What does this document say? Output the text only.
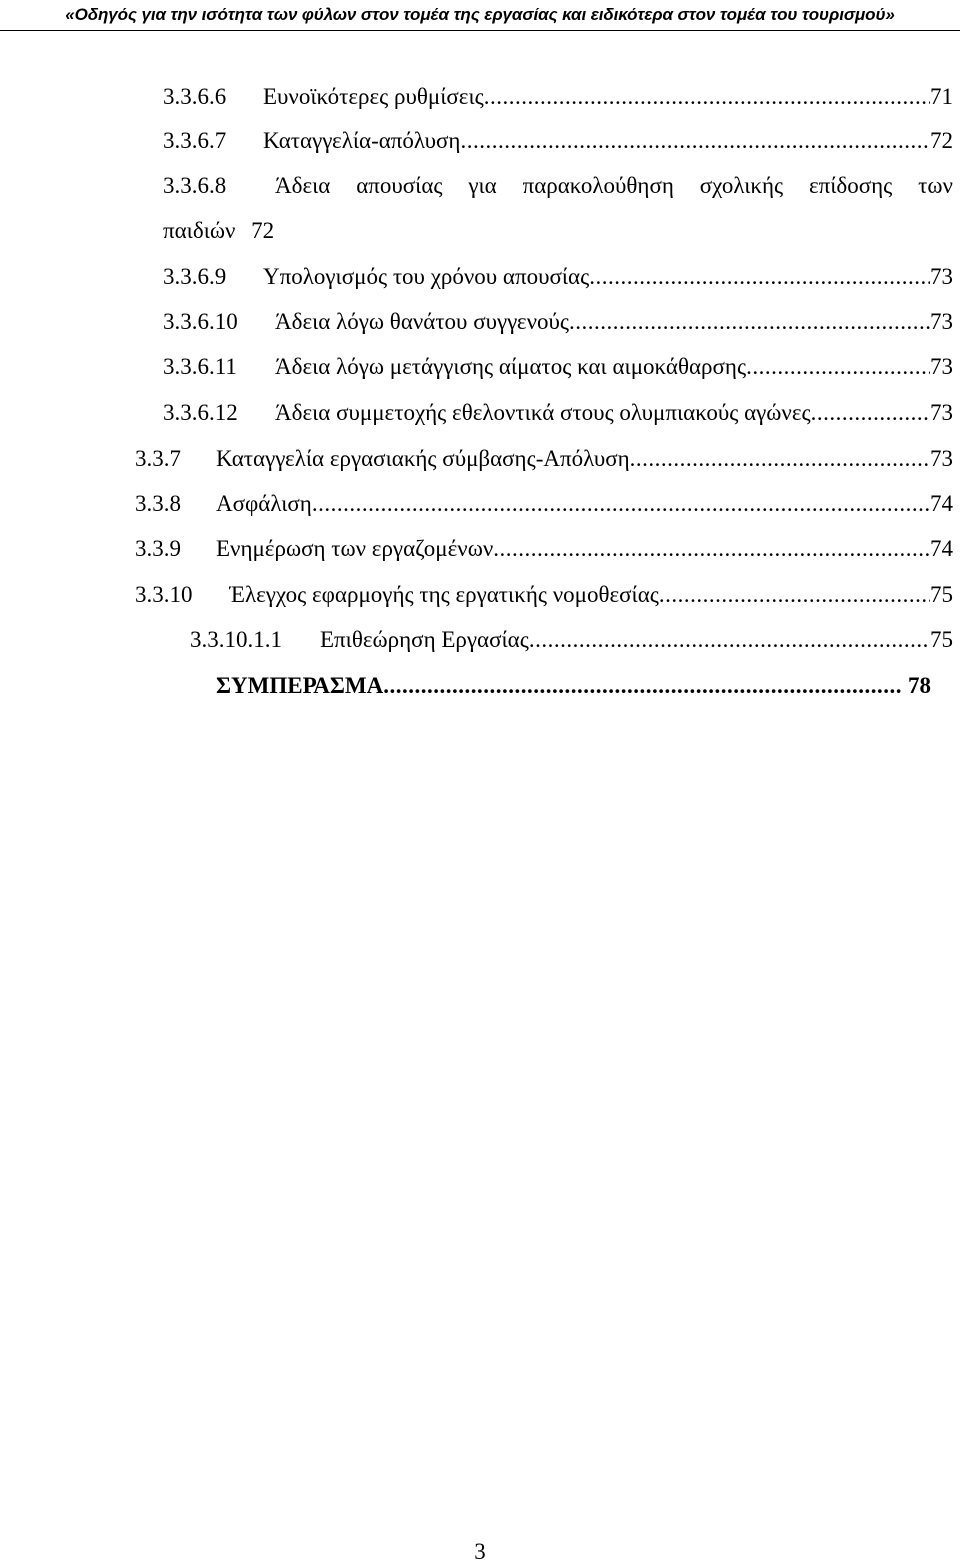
«Οδηγός για την ισότητα των φύλων στον τομέα της εργασίας και ειδικότερα στον τομέα του τουρισμού»
3.3.6.6 Ευνοϊκότερες ρυθμίσεις .....	71
3.3.6.7 Καταγγελία-απόλυση .....	72
3.3.6.8 Άδεια απουσίας για παρακολούθηση σχολικής επίδοσης των
παιδιών 72
3.3.6.9 Υπολογισμός του χρόνου απουσίας .....	73
3.3.6.10 Άδεια λόγω θανάτου συγγενούς .....	73
3.3.6.11 Άδεια λόγω μετάγγισης αίματος και αιμοκάθαρσης .....	73
3.3.6.12 Άδεια συμμετοχής εθελοντικά στους ολυμπιακούς αγώνες .....	73
3.3.7 Καταγγελία εργασιακής σύμβασης-Απόλυση .....	73
3.3.8 Ασφάλιση .....	74
3.3.9 Ενημέρωση των εργαζομένων .....	74
3.3.10 Έλεγχος εφαρμογής της εργατικής νομοθεσίας .....	75
3.3.10.1.1 Επιθεώρηση Εργασίας .....	75
ΣΥΜΠΕΡΑΣΜΑ .....	78
3
